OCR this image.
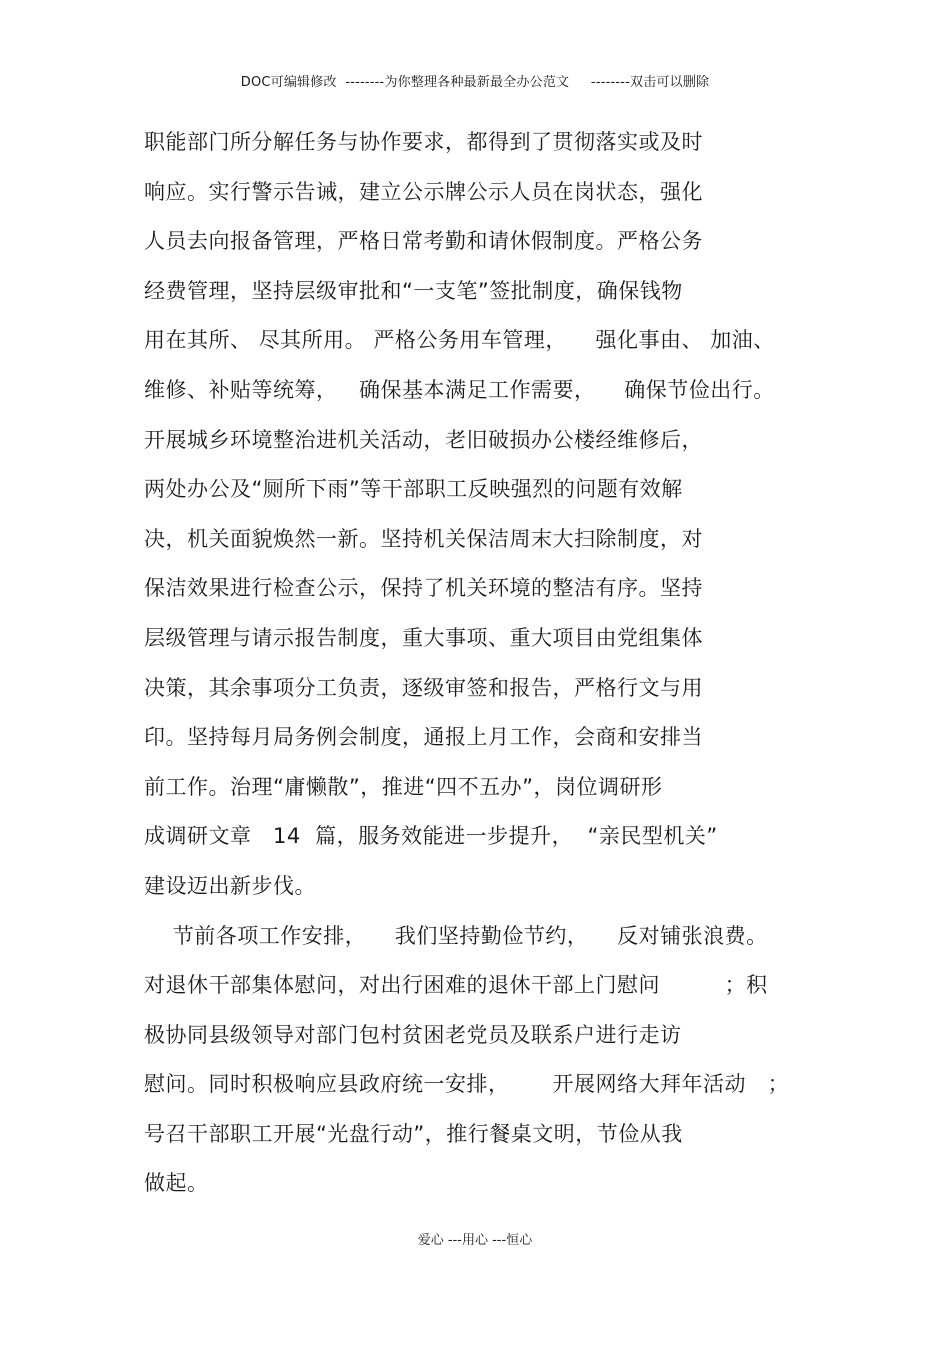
DOC可编辑修改  --------为你整理各种最新最全办公范文     --------双击可以删除
职能部门所分解任务与协作要求，都得到了贯彻落实或及时
响应。实行警示告诫，建立公示牌公示人员在岗状态，强化
人员去向报备管理，严格日常考勤和请休假制度。严格公务
经费管理，坚持层级审批和“一支笔”签批制度，确保钱物
用在其所、 尽其所用。 严格公务用车管理，    强化事由、 加油、
维修、补贴等统筹，   确保基本满足工作需要，    确保节俭出行。
开展城乡环境整治进机关活动，老旧破损办公楼经维修后，
两处办公及“厕所下雨”等干部职工反映强烈的问题有效解
决，机关面貌焕然一新。坚持机关保洁周末大扫除制度，对
保洁效果进行检查公示，保持了机关环境的整洁有序。坚持
层级管理与请示报告制度，重大事项、重大项目由党组集体
决策，其余事项分工负责，逐级审签和报告，严格行文与用
印。坚持每月局务例会制度，通报上月工作，会商和安排当
前工作。治理“庸懒散”，推进“四不五办”，岗位调研形
成调研文章   14  篇，服务效能进一步提升，  “亲民型机关”
建设迈出新步伐。
节前各项工作安排，    我们坚持勤俭节约，    反对铺张浪费。
对退休干部集体慰问，对出行困难的退休干部上门慰问         ；积
极协同县级领导对部门包村贫困老党员及联系户进行走访
慰问。同时积极响应县政府统一安排，      开展网络大拜年活动   ；
号召干部职工开展“光盘行动”，推行餐桌文明，节俭从我
做起。
爱心 ---用心 ---恒心
